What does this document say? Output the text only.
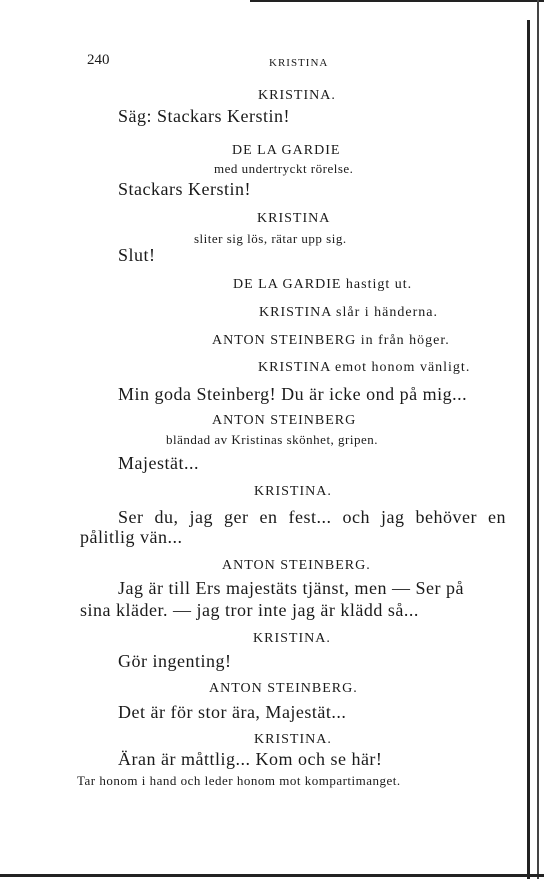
240	KRISTINA
KRISTINA.
Säg: Stackars Kerstin!
DE LA GARDIE
med undertryckt rörelse.
Stackars Kerstin!
KRISTINA
sliter sig lös, rätar upp sig.
Slut!
DE LA GARDIE hastigt ut.
KRISTINA slår i händerna.
ANTON STEINBERG in från höger.
KRISTINA emot honom vänligt.
Min goda Steinberg! Du är icke ond på mig...
ANTON STEINBERG
bländad av Kristinas skönhet, gripen.
Majestät...
KRISTINA.
Ser du, jag ger en fest... och jag behöver en
pålitlig vän...
ANTON STEINBERG.
Jag är till Ers majestäts tjänst, men — Ser på
sina kläder. — jag tror inte jag är klädd så...
KRISTINA.
Gör ingenting!
ANTON STEINBERG.
Det är för stor ära, Majestät...
KRISTINA.
Äran är måttlig... Kom och se här!
Tar honom i hand och leder honom mot kompartimanget.
